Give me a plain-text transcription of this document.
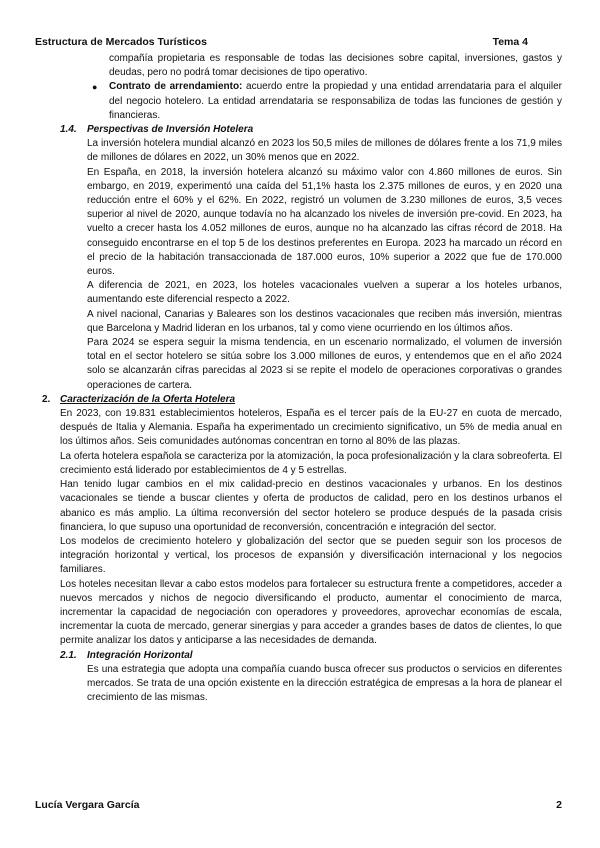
Estructura de Mercados Turísticos	Tema 4

compañía propietaria es responsable de todas las decisiones sobre capital, inversiones, gastos y deudas, pero no podrá tomar decisiones de tipo operativo.

● Contrato de arrendamiento: acuerdo entre la propiedad y una entidad arrendataria para el alquiler del negocio hotelero. La entidad arrendataria se responsabiliza de todas las funciones de gestión y financieras.

1.4. Perspectivas de Inversión Hotelera

La inversión hotelera mundial alcanzó en 2023 los 50,5 miles de millones de dólares frente a los 71,9 miles de millones de dólares en 2022, un 30% menos que en 2022.

En España, en 2018, la inversión hotelera alcanzó su máximo valor con 4.860 millones de euros. Sin embargo, en 2019, experimentó una caída del 51,1% hasta los 2.375 millones de euros, y en 2020 una reducción entre el 60% y el 62%. En 2022, registró un volumen de 3.230 millones de euros, 3,5 veces superior al nivel de 2020, aunque todavía no ha alcanzado los niveles de inversión pre-covid. En 2023, ha vuelto a crecer hasta los 4.052 millones de euros, aunque no ha alcanzado las cifras récord de 2018. Ha conseguido encontrarse en el top 5 de los destinos preferentes en Europa. 2023 ha marcado un récord en el precio de la habitación transaccionada de 187.000 euros, 10% superior a 2022 que fue de 170.000 euros.

A diferencia de 2021, en 2023, los hoteles vacacionales vuelven a superar a los hoteles urbanos, aumentando este diferencial respecto a 2022.

A nivel nacional, Canarias y Baleares son los destinos vacacionales que reciben más inversión, mientras que Barcelona y Madrid lideran en los urbanos, tal y como viene ocurriendo en los últimos años.

Para 2024 se espera seguir la misma tendencia, en un escenario normalizado, el volumen de inversión total en el sector hotelero se sitúa sobre los 3.000 millones de euros, y entendemos que en el año 2024 solo se alcanzarán cifras parecidas al 2023 si se repite el modelo de operaciones corporativas o grandes operaciones de cartera.

2. Caracterización de la Oferta Hotelera

En 2023, con 19.831 establecimientos hoteleros, España es el tercer país de la EU-27 en cuota de mercado, después de Italia y Alemania. España ha experimentado un crecimiento significativo, un 5% de media anual en los últimos años. Seis comunidades autónomas concentran en torno al 80% de las plazas.

La oferta hotelera española se caracteriza por la atomización, la poca profesionalización y la clara sobreoferta. El crecimiento está liderado por establecimientos de 4 y 5 estrellas.

Han tenido lugar cambios en el mix calidad-precio en destinos vacacionales y urbanos. En los destinos vacacionales se tiende a buscar clientes y oferta de productos de calidad, pero en los destinos urbanos el abanico es más amplio. La última reconversión del sector hotelero se produce después de la pasada crisis financiera, lo que supuso una oportunidad de reconversión, concentración e integración del sector.

Los modelos de crecimiento hotelero y globalización del sector que se pueden seguir son los procesos de integración horizontal y vertical, los procesos de expansión y diversificación internacional y los negocios familiares.

Los hoteles necesitan llevar a cabo estos modelos para fortalecer su estructura frente a competidores, acceder a nuevos mercados y nichos de negocio diversificando el producto, aumentar el conocimiento de marca, incrementar la capacidad de negociación con operadores y proveedores, aprovechar economías de escala, incrementar la cuota de mercado, generar sinergias y para acceder a grandes bases de datos de clientes, lo que permite analizar los datos y anticiparse a las necesidades de demanda.

2.1. Integración Horizontal

Es una estrategia que adopta una compañía cuando busca ofrecer sus productos o servicios en diferentes mercados. Se trata de una opción existente en la dirección estratégica de empresas a la hora de planear el crecimiento de las mismas.

Lucía Vergara García	2
